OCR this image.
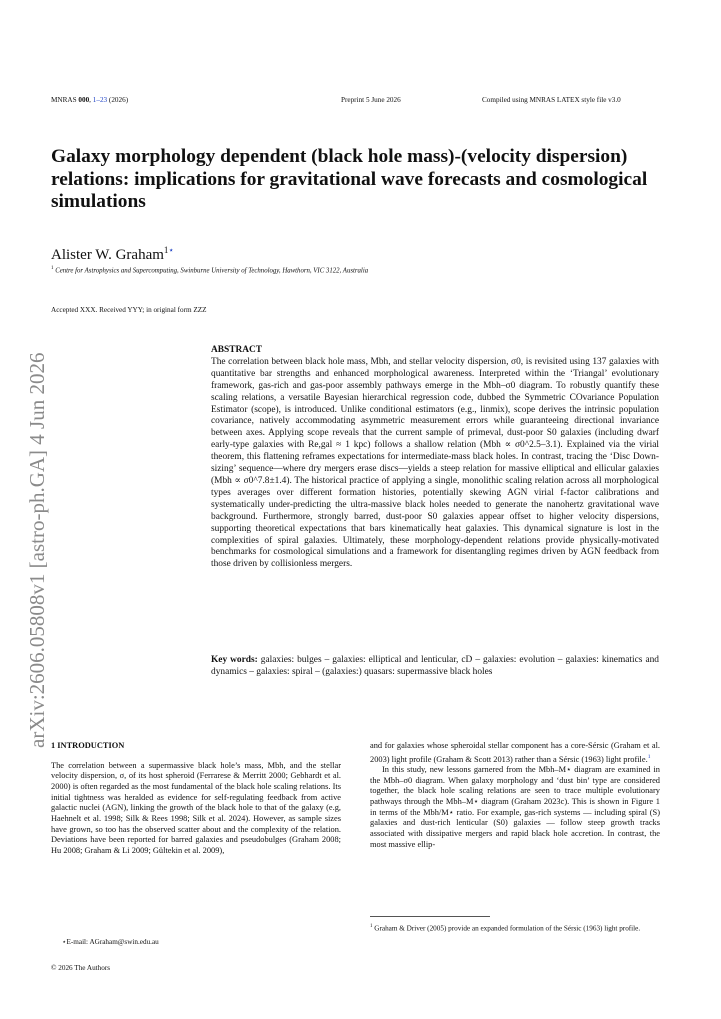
MNRAS 000, 1–23 (2026)	Preprint 5 June 2026	Compiled using MNRAS LATEX style file v3.0
arXiv:2606.05808v1 [astro-ph.GA] 4 Jun 2026
Galaxy morphology dependent (black hole mass)-(velocity dispersion) relations: implications for gravitational wave forecasts and cosmological simulations
Alister W. Graham$^{1⋆}$
$^1$ Centre for Astrophysics and Supercomputing, Swinburne University of Technology, Hawthorn, VIC 3122, Australia
Accepted XXX. Received YYY; in original form ZZZ
ABSTRACT
The correlation between black hole mass, Mbh, and stellar velocity dispersion, σ0, is revisited using 137 galaxies with quantitative bar strengths and enhanced morphological awareness. Interpreted within the ‘Triangal’ evolutionary framework, gas-rich and gas-poor assembly pathways emerge in the Mbh–σ0 diagram. To robustly quantify these scaling relations, a versatile Bayesian hierarchical regression code, dubbed the Symmetric COvariance Population Estimator (scope), is introduced. Unlike conditional estimators (e.g., linmix), scope derives the intrinsic population covariance, natively accommodating asymmetric measurement errors while guaranteeing directional invariance between axes. Applying scope reveals that the current sample of primeval, dust-poor S0 galaxies (including dwarf early-type galaxies with Re,gal ≈ 1 kpc) follows a shallow relation (Mbh ∝ σ0^2.5–3.1). Explained via the virial theorem, this flattening reframes expectations for intermediate-mass black holes. In contrast, tracing the ‘Disc Down-sizing’ sequence—where dry mergers erase discs—yields a steep relation for massive elliptical and ellicular galaxies (Mbh ∝ σ0^7.8±1.4). The historical practice of applying a single, monolithic scaling relation across all morphological types averages over different formation histories, potentially skewing AGN virial f-factor calibrations and systematically under-predicting the ultra-massive black holes needed to generate the nanohertz gravitational wave background. Furthermore, strongly barred, dust-poor S0 galaxies appear offset to higher velocity dispersions, supporting theoretical expectations that bars kinematically heat galaxies. This dynamical signature is lost in the complexities of spiral galaxies. Ultimately, these morphology-dependent relations provide physically-motivated benchmarks for cosmological simulations and a framework for disentangling regimes driven by AGN feedback from those driven by collisionless mergers.
Key words: galaxies: bulges – galaxies: elliptical and lenticular, cD – galaxies: evolution – galaxies: kinematics and dynamics – galaxies: spiral – (galaxies:) quasars: supermassive black holes
1 INTRODUCTION
The correlation between a supermassive black hole’s mass, Mbh, and the stellar velocity dispersion, σ, of its host spheroid (Ferrarese & Merritt 2000; Gebhardt et al. 2000) is often regarded as the most fundamental of the black hole scaling relations. Its initial tightness was heralded as evidence for self-regulating feedback from active galactic nuclei (AGN), linking the growth of the black hole to that of the galaxy (e.g, Haehnelt et al. 1998; Silk & Rees 1998; Silk et al. 2024). However, as sample sizes have grown, so too has the observed scatter about and the complexity of the relation. Deviations have been reported for barred galaxies and pseudobulges (Graham 2008; Hu 2008; Graham & Li 2009; Gültekin et al. 2009),
and for galaxies whose spheroidal stellar component has a core-Sérsic (Graham et al. 2003) light profile (Graham & Scott 2013) rather than a Sérsic (1963) light profile.$^1$
In this study, new lessons garnered from the Mbh–M⋆ diagram are examined in the Mbh–σ0 diagram. When galaxy morphology and ‘dust bin’ type are considered together, the black hole scaling relations are seen to trace multiple evolutionary pathways through the Mbh–M⋆ diagram (Graham 2023c). This is shown in Figure 1 in terms of the Mbh/M⋆ ratio. For example, gas-rich systems — including spiral (S) galaxies and dust-rich lenticular (S0) galaxies — follow steep growth tracks associated with dissipative mergers and rapid black hole accretion. In contrast, the most massive ellip-
$^1$ Graham & Driver (2005) provide an expanded formulation of the Sérsic (1963) light profile.
⋆E-mail: AGraham@swin.edu.au
© 2026 The Authors
